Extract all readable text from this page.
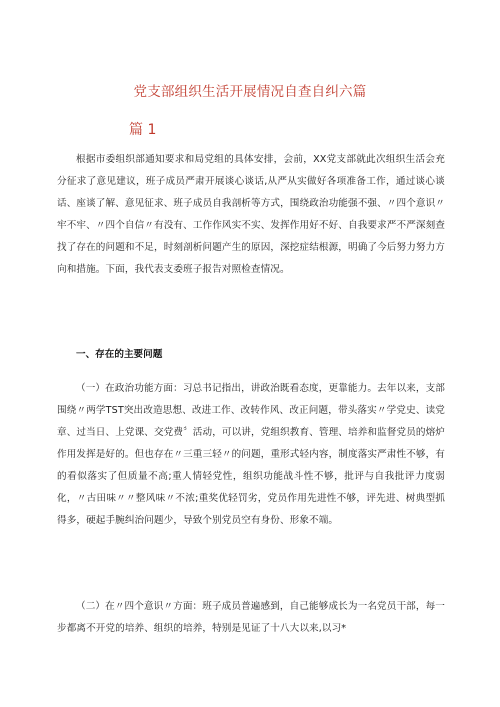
党支部组织生活开展情况自查自纠六篇
篇 1

根据市委组织部通知要求和局党组的具体安排，会前，XX党支部就此次组织生活会充分征求了意见建议，班子成员严肃开展谈心谈话,从严从实做好各项准备工作，通过谈心谈话、座谈了解、意见征求、班子成员自我剖析等方式，围绕政治功能强不强、〃四个意识〃牢不牢、〃四个自信〃有没有、工作作风实不实、发挥作用好不好、自我要求严不严深刻查找了存在的问题和不足，时刻剖析问题产生的原因，深挖症结根源，明确了今后努力努力方向和措施。下面，我代表支委班子报告对照检查情况。

一、存在的主要问题

（一）在政治功能方面：习总书记指出，讲政治既看态度，更靠能力。去年以来，支部围绕〃两学TST突出改造思想、改进工作、改转作风、改正问题，带头落实〃学党史、读党章、过当日、上党课、交党费〞活动，可以讲，党组织教育、管理、培养和监督党员的熔炉作用发挥是好的。但也存在〃三重三轻〃的问题，重形式轻内容，制度落实严肃性不够，有的看似落实了但质量不高;重人情轻党性，组织功能战斗性不够，批评与自我批评力度弱化，〃古田味〃〃整风味〃不浓;重奖优轻罚劣，党员作用先进性不够，评先进、树典型抓得多，硬起手腕纠治问题少，导致个别党员空有身份、形象不端。

（二）在〃四个意识〃方面：班子成员普遍感到，自己能够成长为一名党员干部，每一步都离不开党的培养、组织的培养，特别是见证了十八大以来,以习*
